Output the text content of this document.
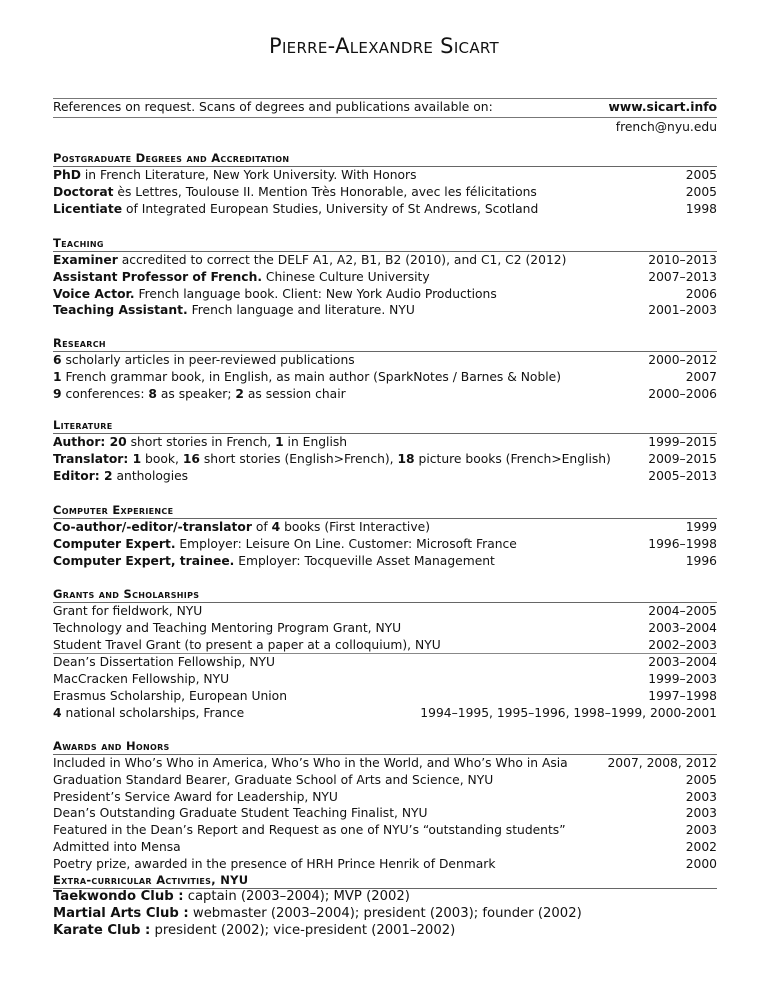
Pierre-Alexandre Sicart
References on request. Scans of degrees and publications available on:	www.sicart.info
french@nyu.edu
Postgraduate Degrees and Accreditation
PhD in French Literature, New York University. With Honors	2005
Doctorat ès Lettres, Toulouse II. Mention Très Honorable, avec les félicitations	2005
Licentiate of Integrated European Studies, University of St Andrews, Scotland	1998
Teaching
Examiner accredited to correct the DELF A1, A2, B1, B2 (2010), and C1, C2 (2012)	2010–2013
Assistant Professor of French. Chinese Culture University	2007–2013
Voice Actor. French language book. Client: New York Audio Productions	2006
Teaching Assistant. French language and literature. NYU	2001–2003
Research
6 scholarly articles in peer-reviewed publications	2000–2012
1 French grammar book, in English, as main author (SparkNotes / Barnes & Noble)	2007
9 conferences: 8 as speaker; 2 as session chair	2000–2006
Literature
Author: 20 short stories in French, 1 in English	1999–2015
Translator: 1 book, 16 short stories (English>French), 18 picture books (French>English)	2009–2015
Editor: 2 anthologies	2005–2013
Computer Experience
Co-author/-editor/-translator of 4 books (First Interactive)	1999
Computer Expert. Employer: Leisure On Line. Customer: Microsoft France	1996–1998
Computer Expert, trainee. Employer: Tocqueville Asset Management	1996
Grants and Scholarships
Grant for fieldwork, NYU	2004–2005
Technology and Teaching Mentoring Program Grant, NYU	2003–2004
Student Travel Grant (to present a paper at a colloquium), NYU	2002–2003
Dean’s Dissertation Fellowship, NYU	2003–2004
MacCracken Fellowship, NYU	1999–2003
Erasmus Scholarship, European Union	1997–1998
4 national scholarships, France	1994–1995, 1995–1996, 1998–1999, 2000-2001
Awards and Honors
Included in Who’s Who in America, Who’s Who in the World, and Who’s Who in Asia	2007, 2008, 2012
Graduation Standard Bearer, Graduate School of Arts and Science, NYU	2005
President’s Service Award for Leadership, NYU	2003
Dean’s Outstanding Graduate Student Teaching Finalist, NYU	2003
Featured in the Dean’s Report and Request as one of NYU’s “outstanding students”	2003
Admitted into Mensa	2002
Poetry prize, awarded in the presence of HRH Prince Henrik of Denmark	2000
Extra-curricular Activities, NYU
Taekwondo Club : captain (2003–2004); MVP (2002)
Martial Arts Club : webmaster (2003–2004); president (2003); founder (2002)
Karate Club : president (2002); vice-president (2001–2002)
